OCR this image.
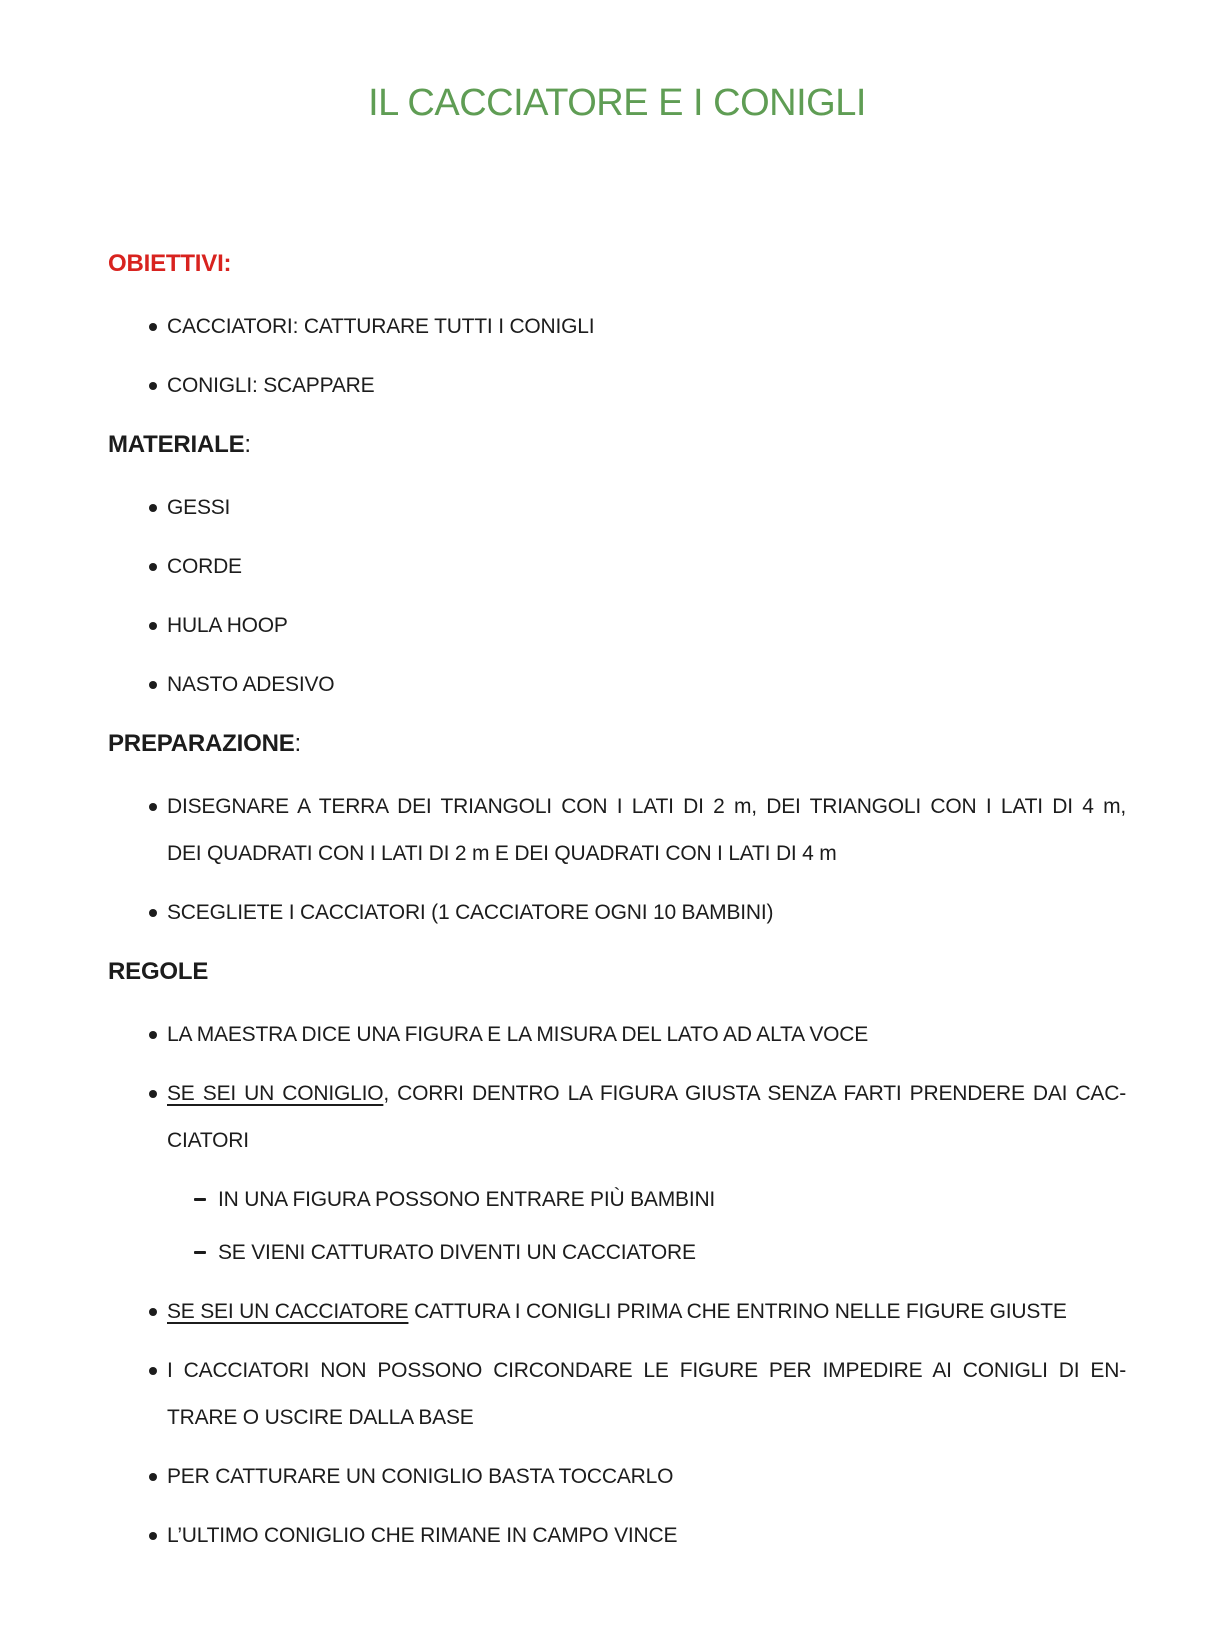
IL CACCIATORE E I CONIGLI
OBIETTIVI:
CACCIATORI: CATTURARE TUTTI I CONIGLI
CONIGLI: SCAPPARE
MATERIALE:
GESSI
CORDE
HULA HOOP
NASTO ADESIVO
PREPARAZIONE:
DISEGNARE A TERRA DEI TRIANGOLI CON I LATI DI 2 m, DEI TRIANGOLI CON I LATI DI 4 m,
DEI QUADRATI CON I LATI DI 2 m E DEI QUADRATI CON I LATI DI 4 m
SCEGLIETE I CACCIATORI (1 CACCIATORE OGNI 10 BAMBINI)
REGOLE
LA MAESTRA DICE UNA FIGURA E LA MISURA DEL LATO AD ALTA VOCE
SE SEI UN CONIGLIO, CORRI DENTRO LA FIGURA GIUSTA SENZA FARTI PRENDERE DAI CAC-
CIATORI
IN UNA FIGURA POSSONO ENTRARE PIÙ BAMBINI
SE VIENI CATTURATO DIVENTI UN CACCIATORE
SE SEI UN CACCIATORE CATTURA I CONIGLI PRIMA CHE ENTRINO NELLE FIGURE GIUSTE
I CACCIATORI NON POSSONO CIRCONDARE LE FIGURE PER IMPEDIRE AI CONIGLI DI EN-
TRARE O USCIRE DALLA BASE
PER CATTURARE UN CONIGLIO BASTA TOCCARLO
L’ULTIMO CONIGLIO CHE RIMANE IN CAMPO VINCE
